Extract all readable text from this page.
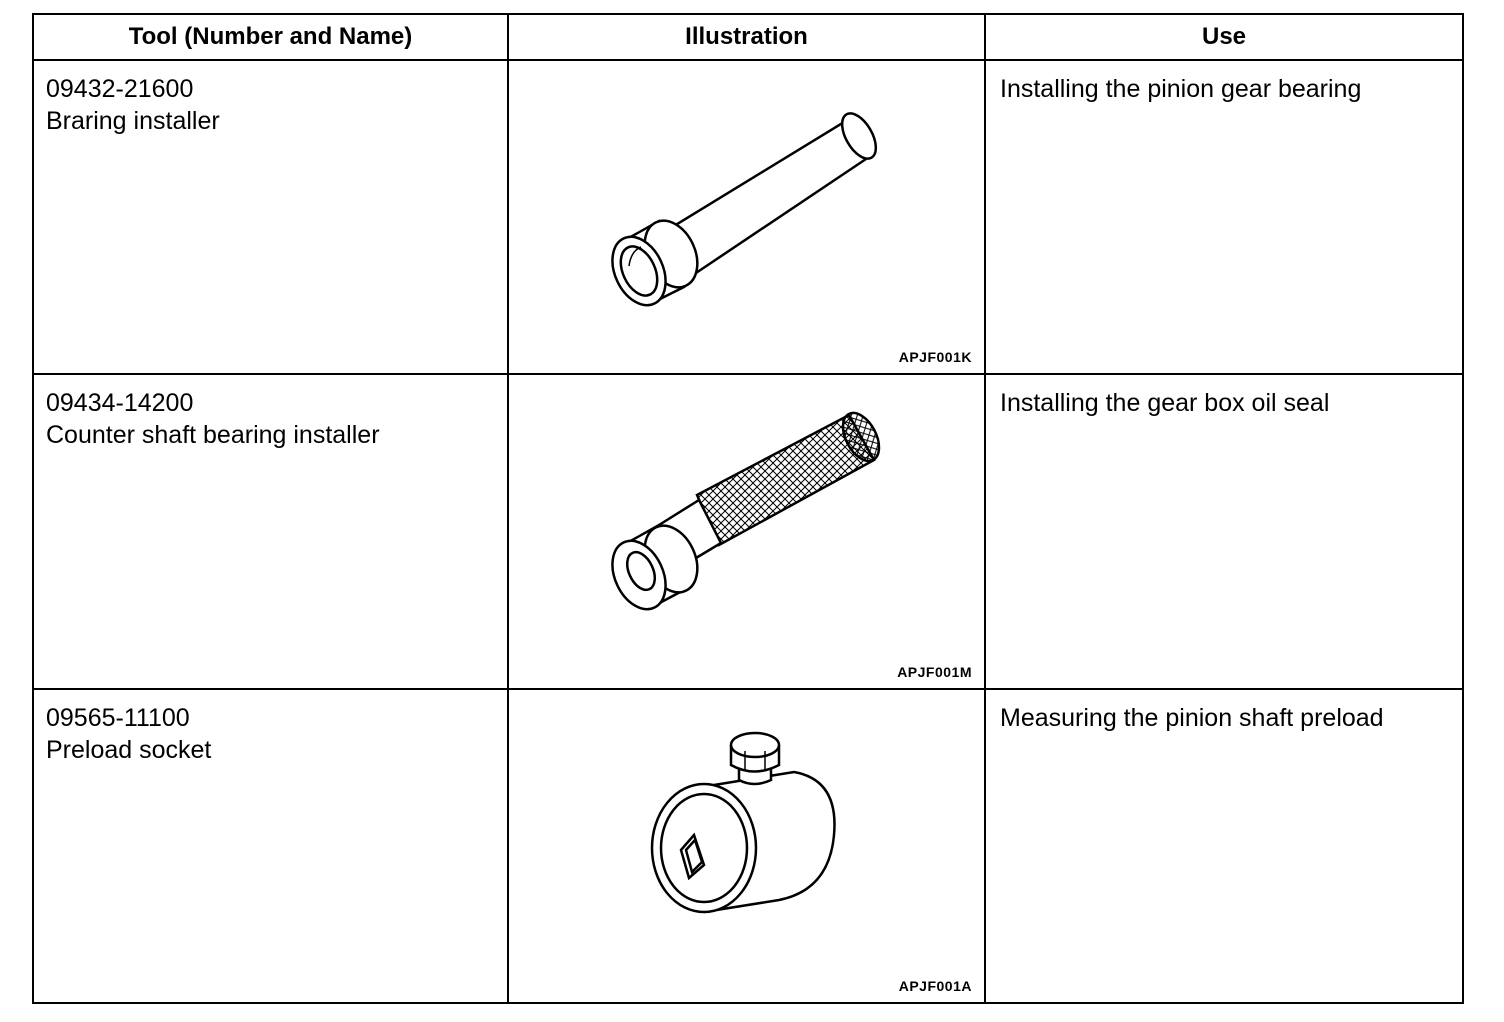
Tool (Number and Name)	Illustration	Use

09432-21600
Braring installer	APJF001K	Installing the pinion gear bearing

09434-14200
Counter shaft bearing installer	APJF001M	Installing the gear box oil seal

09565-11100
Preload socket	APJF001A	Measuring the pinion shaft preload
